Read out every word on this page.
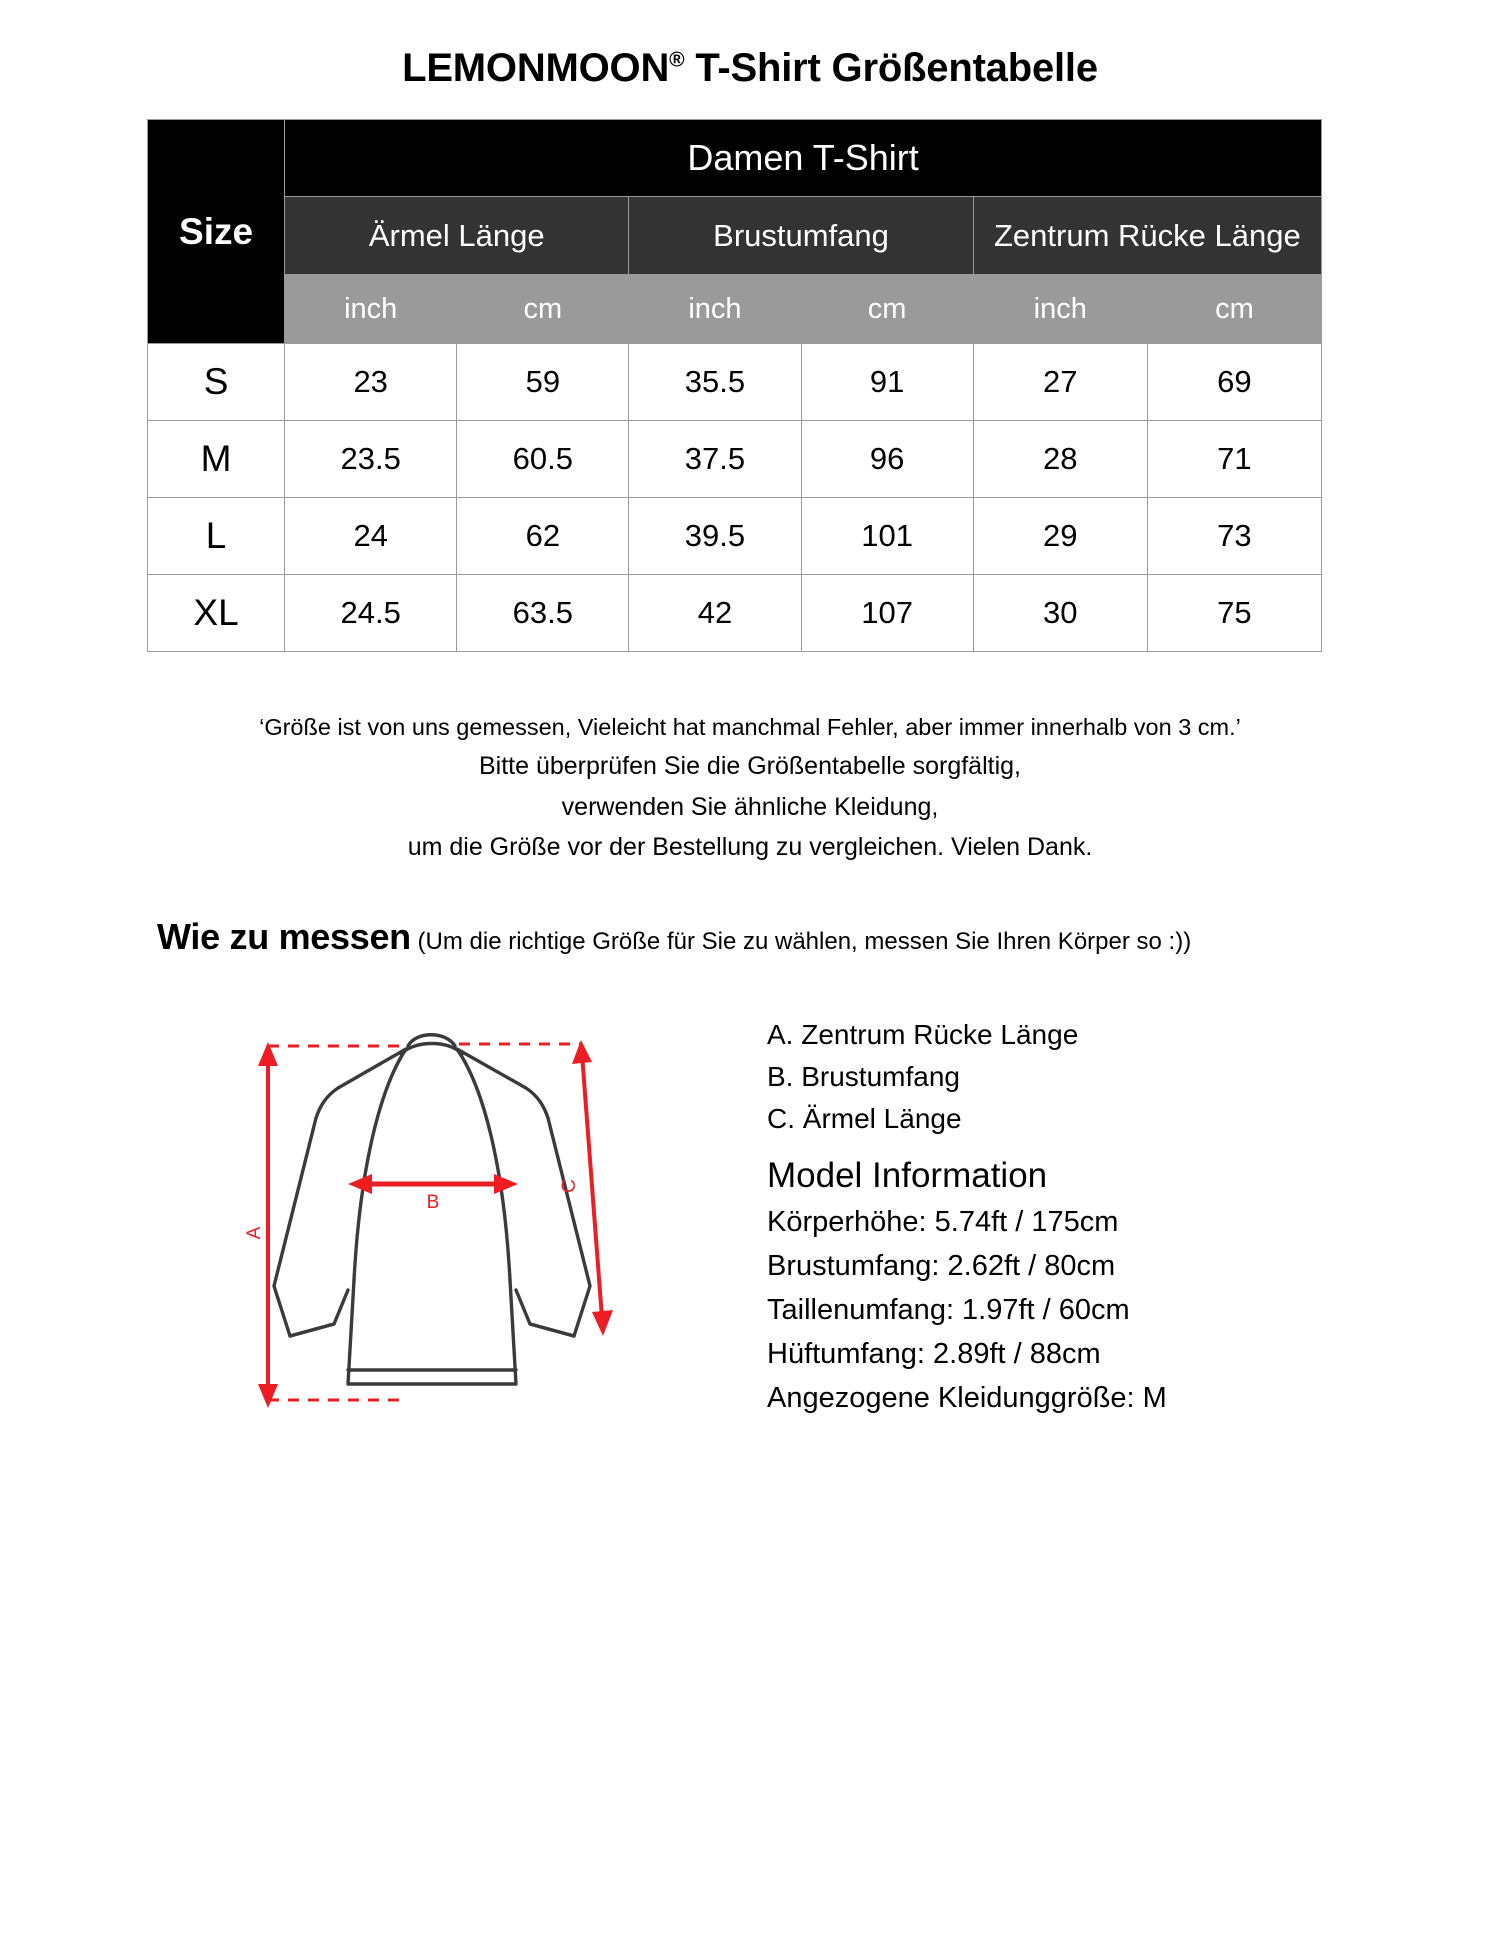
LEMONMOON® T-Shirt Größentabelle
Size	Damen T-Shirt					
	Ärmel Länge		Brustumfang		Zentrum Rücke Länge	
	inch	cm	inch	cm	inch	cm
S	23	59	35.5	91	27	69
M	23.5	60.5	37.5	96	28	71
L	24	62	39.5	101	29	73
XL	24.5	63.5	42	107	30	75
‘Größe ist von uns gemessen, Vieleicht hat manchmal Fehler, aber immer innerhalb von 3 cm.’
Bitte überprüfen Sie die Größentabelle sorgfältig,
verwenden Sie ähnliche Kleidung,
um die Größe vor der Bestellung zu vergleichen. Vielen Dank.
Wie zu messen (Um die richtige Größe für Sie zu wählen, messen Sie Ihren Körper so :))
A
B
C
A. Zentrum Rücke Länge
B. Brustumfang
C. Ärmel Länge
Model Information
Körperhöhe: 5.74ft / 175cm
Brustumfang: 2.62ft / 80cm
Taillenumfang: 1.97ft / 60cm
Hüftumfang: 2.89ft / 88cm
Angezogene Kleidunggröße: M
